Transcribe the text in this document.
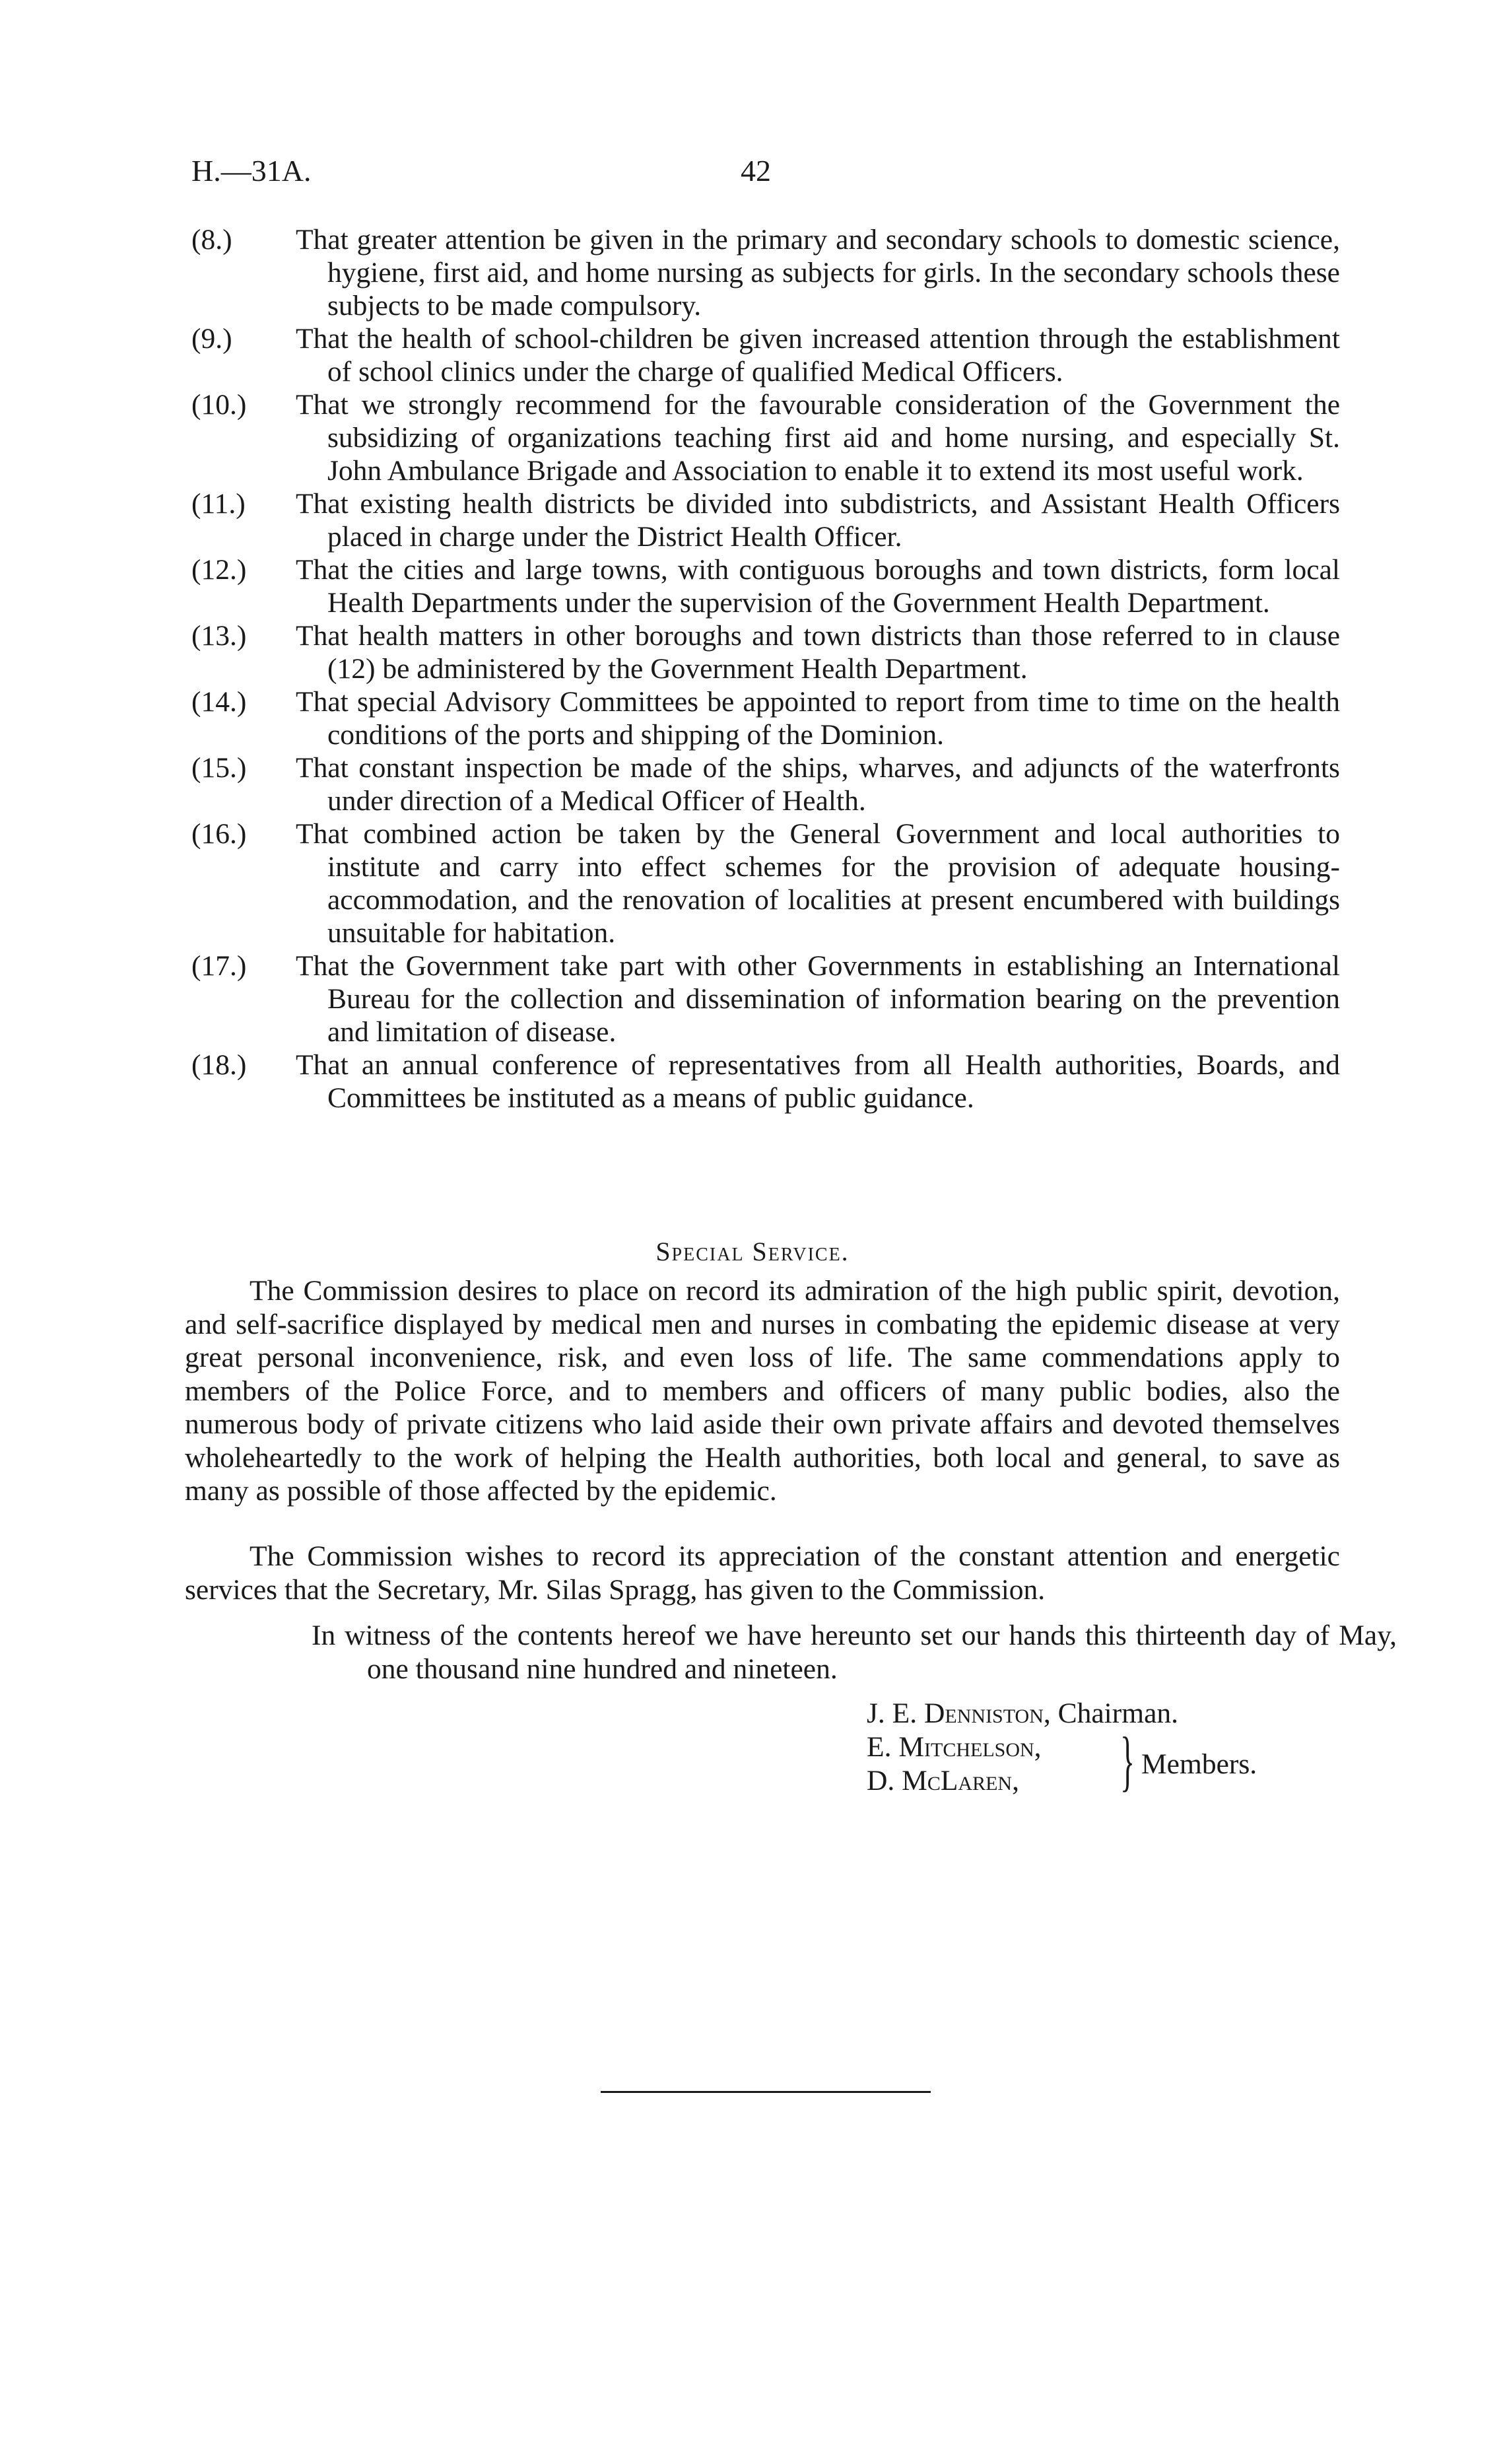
H.—31A.	42
(8.)	That greater attention be given in the primary and secondary schools to domestic science, hygiene, first aid, and home nursing as subjects for girls. In the secondary schools these subjects to be made compulsory.
(9.)	That the health of school-children be given increased attention through the establishment of school clinics under the charge of qualified Medical Officers.
(10.)	That we strongly recommend for the favourable consideration of the Government the subsidizing of organizations teaching first aid and home nursing, and especially St. John Ambulance Brigade and Association to enable it to extend its most useful work.
(11.)	That existing health districts be divided into subdistricts, and Assistant Health Officers placed in charge under the District Health Officer.
(12.)	That the cities and large towns, with contiguous boroughs and town districts, form local Health Departments under the supervision of the Government Health Department.
(13.)	That health matters in other boroughs and town districts than those referred to in clause (12) be administered by the Government Health Department.
(14.)	That special Advisory Committees be appointed to report from time to time on the health conditions of the ports and shipping of the Dominion.
(15.)	That constant inspection be made of the ships, wharves, and adjuncts of the waterfronts under direction of a Medical Officer of Health.
(16.)	That combined action be taken by the General Government and local authorities to institute and carry into effect schemes for the provision of adequate housing-accommodation, and the renovation of localities at present encumbered with buildings unsuitable for habitation.
(17.)	That the Government take part with other Governments in establishing an International Bureau for the collection and dissemination of information bearing on the prevention and limitation of disease.
(18.)	That an annual conference of representatives from all Health authorities, Boards, and Committees be instituted as a means of public guidance.
Special Service.

The Commission desires to place on record its admiration of the high public spirit, devotion, and self-sacrifice displayed by medical men and nurses in combating the epidemic disease at very great personal inconvenience, risk, and even loss of life. The same commendations apply to members of the Police Force, and to members and officers of many public bodies, also the numerous body of private citizens who laid aside their own private affairs and devoted themselves wholeheartedly to the work of helping the Health authorities, both local and general, to save as many as possible of those affected by the epidemic.

The Commission wishes to record its appreciation of the constant attention and energetic services that the Secretary, Mr. Silas Spragg, has given to the Commission.

In witness of the contents hereof we have hereunto set our hands this thirteenth day of May, one thousand nine hundred and nineteen.

J. E. Denniston, Chairman.
E. Mitchelson,
D. McLaren,	} Members.
